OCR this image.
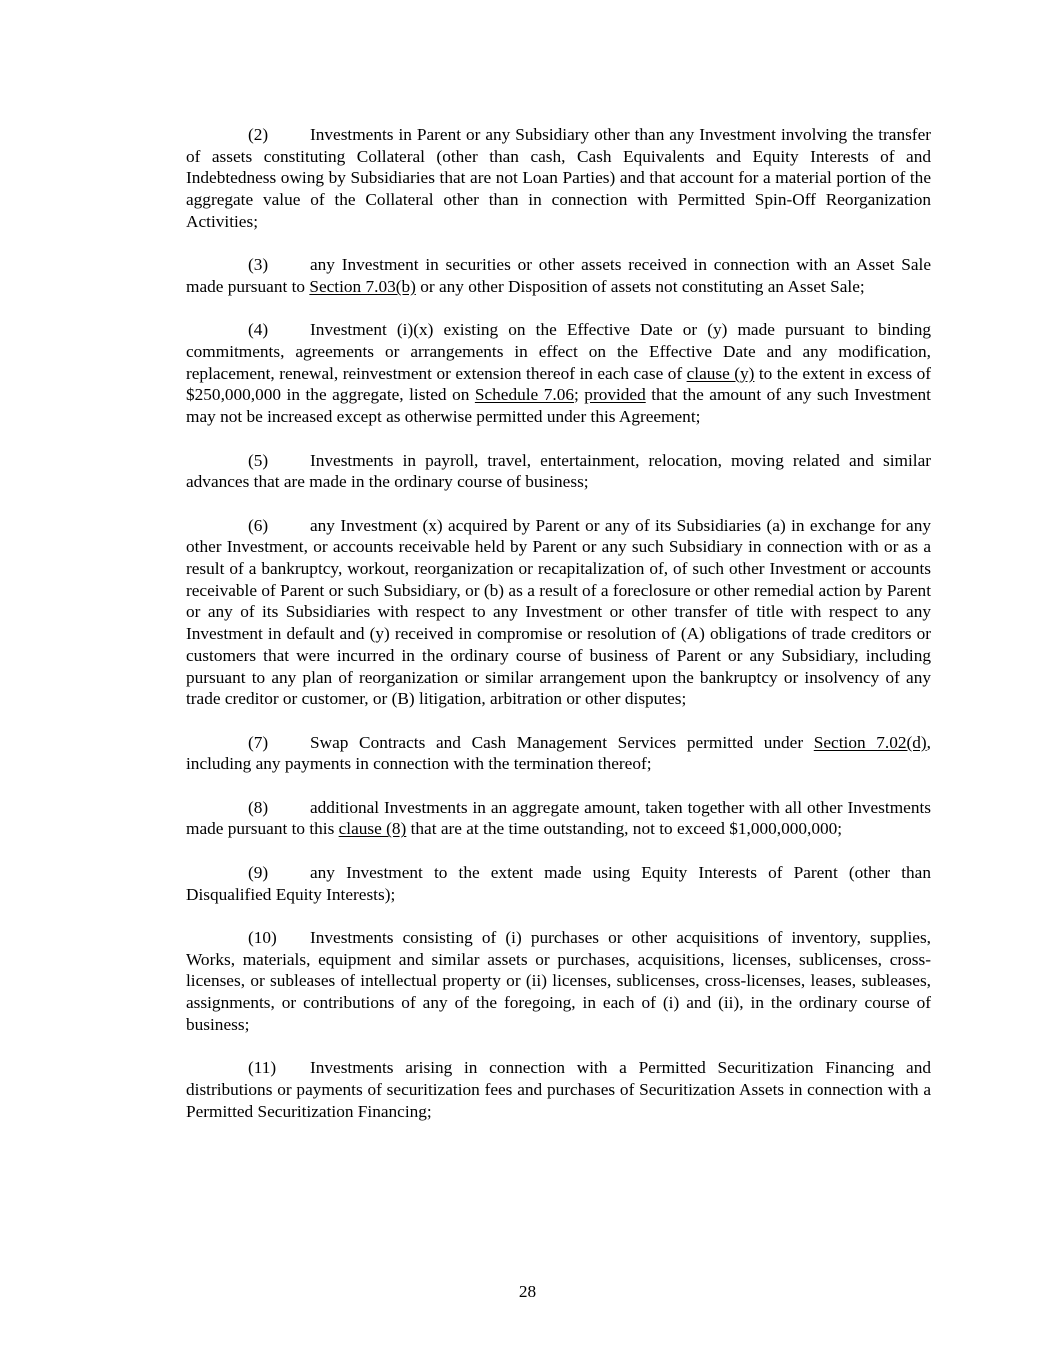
(2) Investments in Parent or any Subsidiary other than any Investment involving the transfer of assets constituting Collateral (other than cash, Cash Equivalents and Equity Interests of and Indebtedness owing by Subsidiaries that are not Loan Parties) and that account for a material portion of the aggregate value of the Collateral other than in connection with Permitted Spin-Off Reorganization Activities;

(3) any Investment in securities or other assets received in connection with an Asset Sale made pursuant to Section 7.03(b) or any other Disposition of assets not constituting an Asset Sale;

(4) Investment (i)(x) existing on the Effective Date or (y) made pursuant to binding commitments, agreements or arrangements in effect on the Effective Date and any modification, replacement, renewal, reinvestment or extension thereof in each case of clause (y) to the extent in excess of $250,000,000 in the aggregate, listed on Schedule 7.06; provided that the amount of any such Investment may not be increased except as otherwise permitted under this Agreement;

(5) Investments in payroll, travel, entertainment, relocation, moving related and similar advances that are made in the ordinary course of business;

(6) any Investment (x) acquired by Parent or any of its Subsidiaries (a) in exchange for any other Investment, or accounts receivable held by Parent or any such Subsidiary in connection with or as a result of a bankruptcy, workout, reorganization or recapitalization of, of such other Investment or accounts receivable of Parent or such Subsidiary, or (b) as a result of a foreclosure or other remedial action by Parent or any of its Subsidiaries with respect to any Investment or other transfer of title with respect to any Investment in default and (y) received in compromise or resolution of (A) obligations of trade creditors or customers that were incurred in the ordinary course of business of Parent or any Subsidiary, including pursuant to any plan of reorganization or similar arrangement upon the bankruptcy or insolvency of any trade creditor or customer, or (B) litigation, arbitration or other disputes;

(7) Swap Contracts and Cash Management Services permitted under Section 7.02(d), including any payments in connection with the termination thereof;

(8) additional Investments in an aggregate amount, taken together with all other Investments made pursuant to this clause (8) that are at the time outstanding, not to exceed $1,000,000,000;

(9) any Investment to the extent made using Equity Interests of Parent (other than Disqualified Equity Interests);

(10) Investments consisting of (i) purchases or other acquisitions of inventory, supplies, Works, materials, equipment and similar assets or purchases, acquisitions, licenses, sublicenses, cross-licenses, or subleases of intellectual property or (ii) licenses, sublicenses, cross-licenses, leases, subleases, assignments, or contributions of any of the foregoing, in each of (i) and (ii), in the ordinary course of business;

(11) Investments arising in connection with a Permitted Securitization Financing and distributions or payments of securitization fees and purchases of Securitization Assets in connection with a Permitted Securitization Financing;

28
